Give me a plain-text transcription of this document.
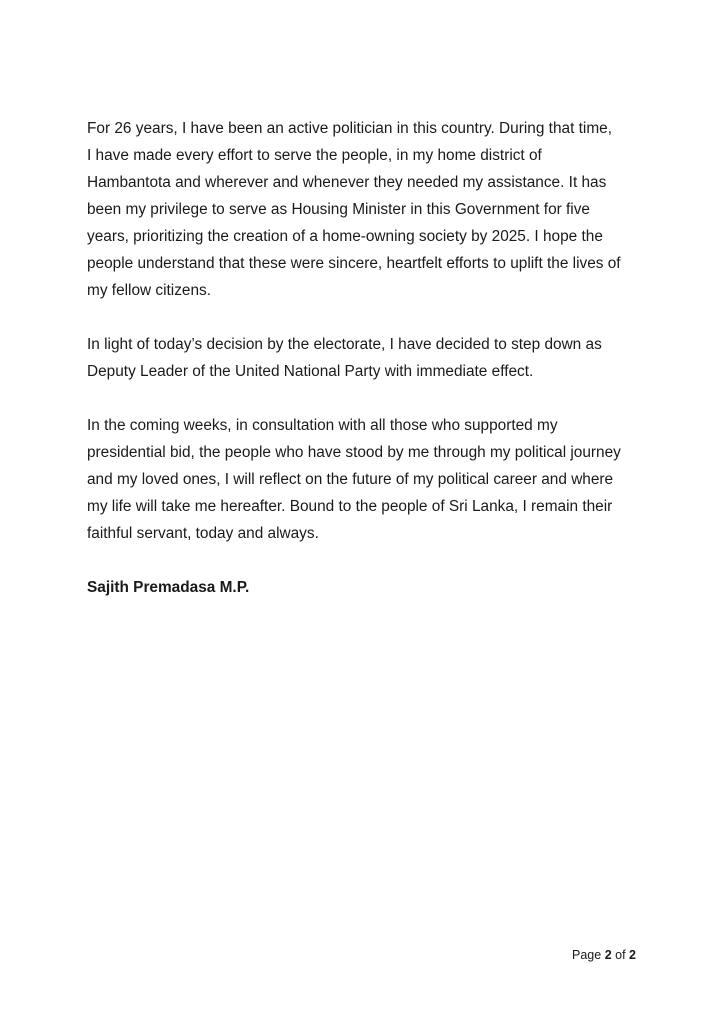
For 26 years, I have been an active politician in this country. During that time,

I have made every effort to serve the people, in my home district of

Hambantota and wherever and whenever they needed my assistance. It has

been my privilege to serve as Housing Minister in this Government for five

years, prioritizing the creation of a home-owning society by 2025. I hope the

people understand that these were sincere, heartfelt efforts to uplift the lives of

my fellow citizens.

In light of today’s decision by the electorate, I have decided to step down as

Deputy Leader of the United National Party with immediate effect.

In the coming weeks, in consultation with all those who supported my

presidential bid, the people who have stood by me through my political journey

and my loved ones, I will reflect on the future of my political career and where

my life will take me hereafter. Bound to the people of Sri Lanka, I remain their

faithful servant, today and always.

Sajith Premadasa M.P.

Page 2 of 2
